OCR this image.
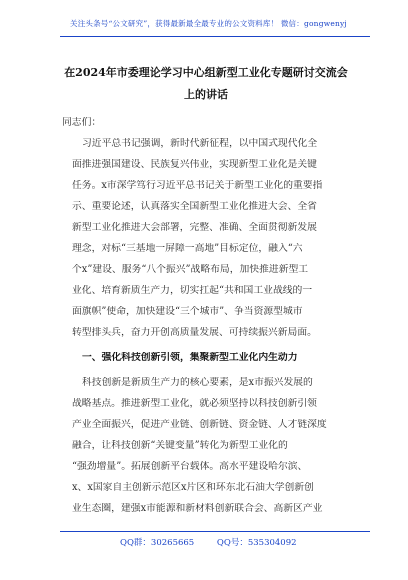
关注头条号“公文研究”，获得最新最全最专业的公文资料库！ 微信：gongwenyj
在2024年市委理论学习中心组新型工业化专题研讨交流会
上的讲话
同志们：
习近平总书记强调，新时代新征程，以中国式现代化全
面推进强国建设、民族复兴伟业，实现新型工业化是关键
任务。x市深学笃行习近平总书记关于新型工业化的重要指
示、重要论述，认真落实全国新型工业化推进大会、全省
新型工业化推进大会部署，完整、准确、全面贯彻新发展
理念，对标“三基地一屏障一高地”目标定位，融入“六
个x”建设、服务“八个振兴”战略布局，加快推进新型工
业化、培育新质生产力，切实扛起“共和国工业战线的一
面旗帜”使命，加快建设“三个城市”、争当资源型城市
转型排头兵，奋力开创高质量发展、可持续振兴新局面。
一、强化科技创新引领，集聚新型工业化内生动力
科技创新是新质生产力的核心要素，是x市振兴发展的
战略基点。推进新型工业化，就必须坚持以科技创新引领
产业全面振兴，促进产业链、创新链、资金链、人才链深度
融合，让科技创新“关键变量”转化为新型工业化的
“强劲增量”。拓展创新平台载体。高水平建设哈尔滨、
x、x国家自主创新示范区x片区和环东北石油大学创新创
业生态圈，建强x市能源和新材料创新联合会、高新区产业
QQ群：30265665	QQ号：535304092
